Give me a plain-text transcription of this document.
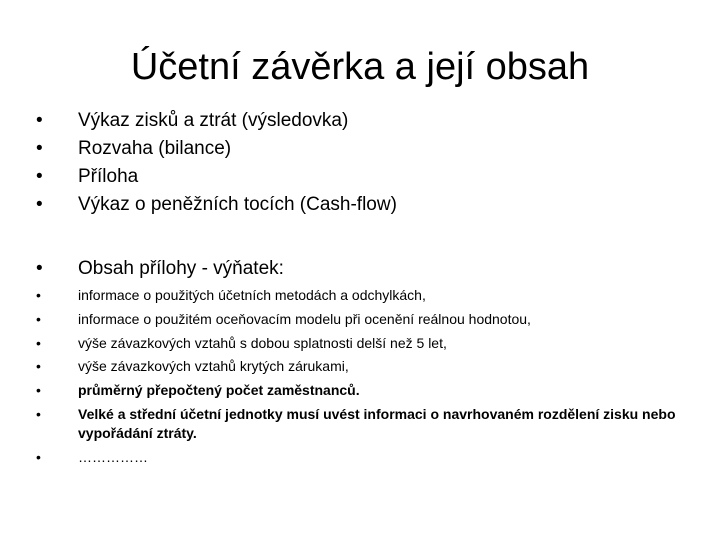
Účetní závěrka a její obsah
•	Výkaz zisků a ztrát (výsledovka)
•	Rozvaha (bilance)
•	Příloha
•	Výkaz o peněžních tocích (Cash-flow)
•	Obsah přílohy - výňatek:
•	informace o použitých účetních metodách a odchylkách,
•	informace o použitém oceňovacím modelu při ocenění reálnou hodnotou,
•	výše závazkových vztahů s dobou splatnosti delší než 5 let,
•	výše závazkových vztahů krytých zárukami,
•	průměrný přepočtený počet zaměstnanců.
•	Velké a střední účetní jednotky musí uvést informaci o navrhovaném rozdělení zisku nebo vypořádání ztráty.
•	……………
